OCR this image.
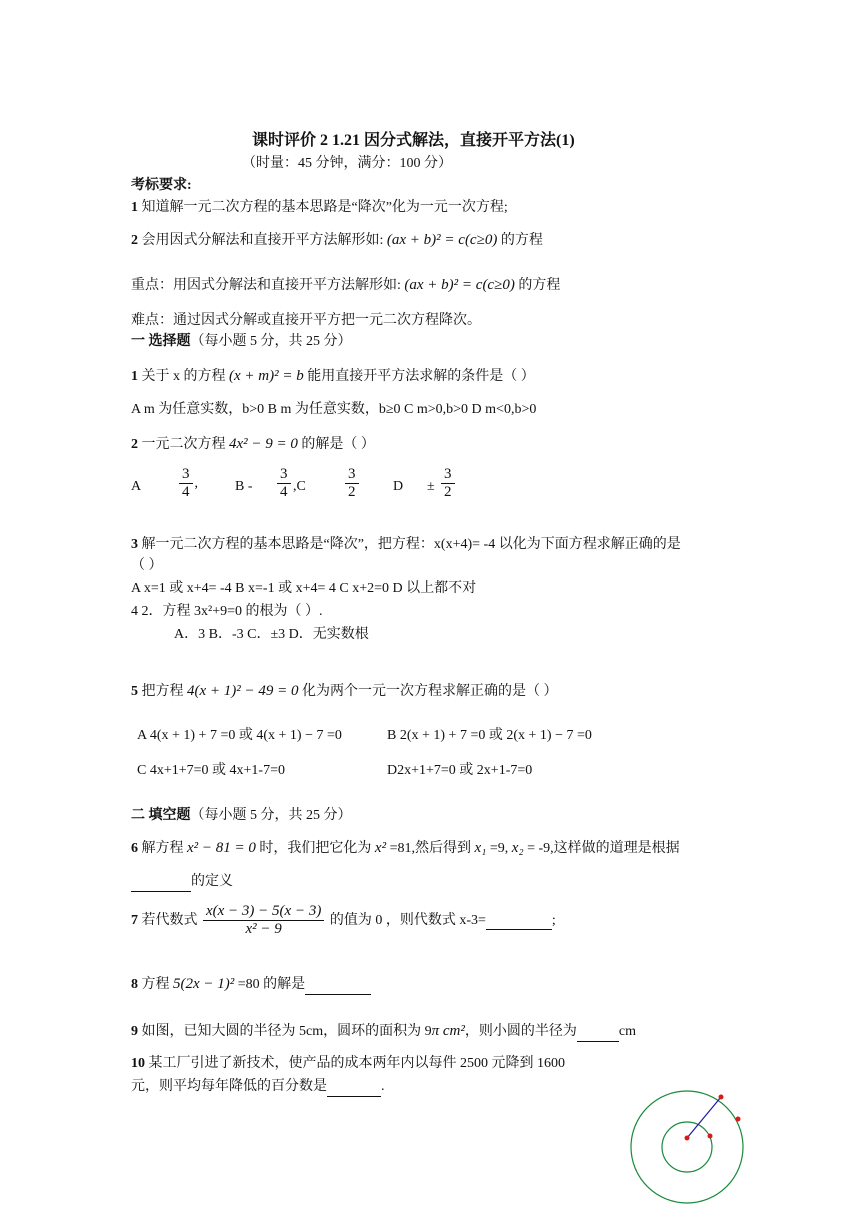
课时评价 2 1.21 因分式解法，直接开平方法(1)
（时量：45 分钟，满分：100 分）
考标要求:
1 知道解一元二次方程的基本思路是“降次”化为一元一次方程;
2 会用因式分解法和直接开平方法解形如: (ax + b)² = c(c≥0) 的方程
重点：用因式分解法和直接开平方法解形如: (ax + b)² = c(c≥0) 的方程
难点：通过因式分解或直接开平方把一元二次方程降次。
一 选择题（每小题 5 分，共 25 分）
1 关于 x 的方程 (x + m)² = b 能用直接开平方法求解的条件是（ ）
A m 为任意实数，b>0 B m 为任意实数，b≥0 C m>0,b>0 D m<0,b>0
2 一元二次方程 4x² − 9 = 0 的解是（ ）
A	$\frac{3}{4}$ ,	B - $\frac{3}{4} ,C$	$\frac{3}{2}$ $D \pm \frac{3}{2}$
3 解一元二次方程的基本思路是“降次”，把方程：x(x+4)= -4 以化为下面方程求解正确的是
（ ）
A x=1 或 x+4= -4 B x=-1 或 x+4= 4 C x+2=0 D 以上都不对
4 2．方程 3x²+9=0 的根为（ ）.
A．3 B．-3 C．±3 D．无实数根
5 把方程 4(x + 1)² − 49 = 0 化为两个一元一次方程求解正确的是（ ）
A 4(x + 1) + 7 =0 或 4(x + 1) − 7 =0	B 2(x + 1) + 7 =0 或 2(x + 1) − 7 =0
C 4x+1+7=0 或 4x+1-7=0	D2x+1+7=0 或 2x+1-7=0
二 填空题（每小题 5 分，共 25 分）
6 解方程 x² − 81 = 0 时，我们把它化为 x² =81,然后得到 x₁ =9, x₂ = -9,这样做的道理是根据
的定义
7 若代数式 $\frac{x(x - 3) - 5(x - 3)}{\text{x² − 9}}$ 的值为 0 ，则代数式 x-3=	;
8 方程 5(2x − 1)² =80 的解是
9 如图，已知大圆的半径为 5cm，圆环的面积为 9π cm²，则小圆的半径为	cm
10 某工厂引进了新技术，使产品的成本两年内以每件 2500 元降到 1600
元，则平均每年降低的百分数是	.
